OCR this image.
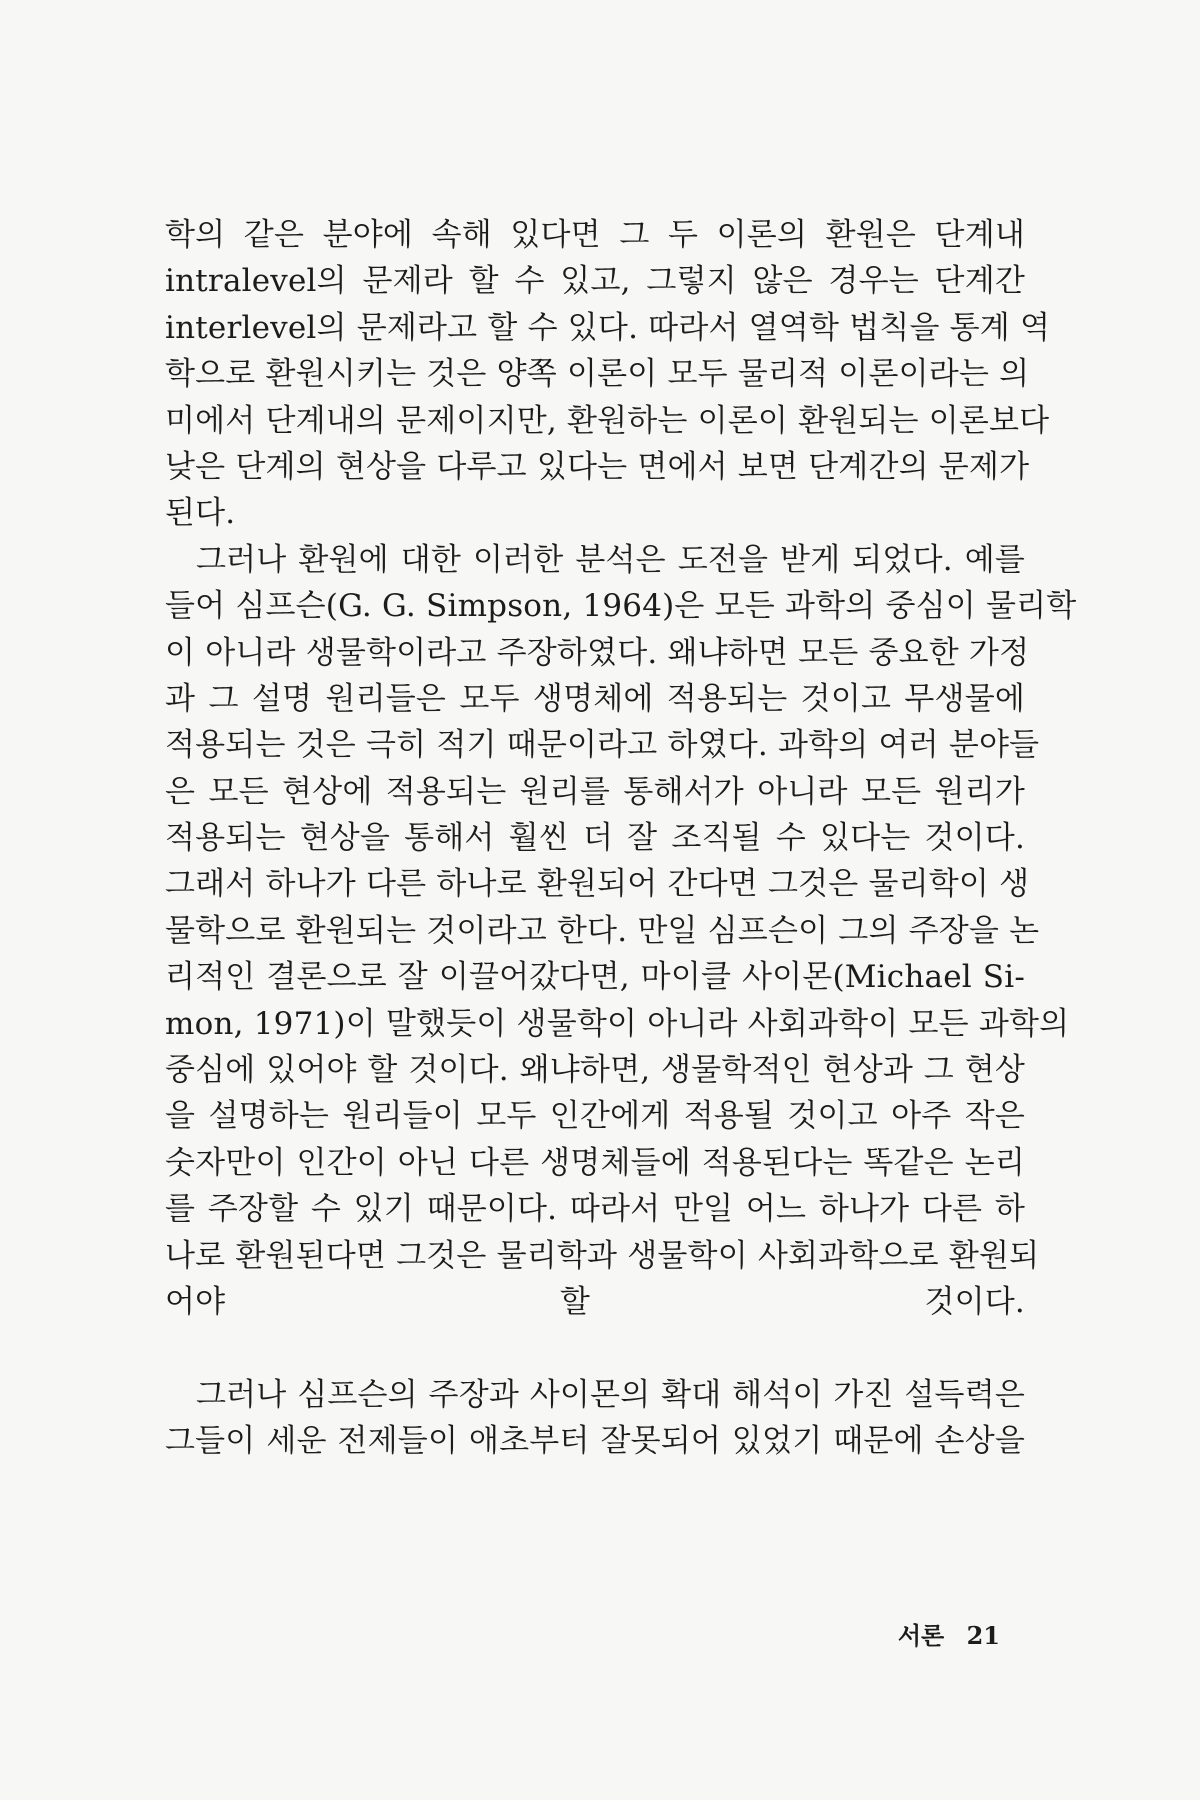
학의 같은 분야에 속해 있다면 그 두 이론의 환원은 단계내
intralevel의 문제라 할 수 있고, 그렇지 않은 경우는 단계간
interlevel의 문제라고 할 수 있다. 따라서 열역학 법칙을 통계 역
학으로 환원시키는 것은 양쪽 이론이 모두 물리적 이론이라는 의
미에서 단계내의 문제이지만, 환원하는 이론이 환원되는 이론보다
낮은 단계의 현상을 다루고 있다는 면에서 보면 단계간의 문제가
된다.
그러나 환원에 대한 이러한 분석은 도전을 받게 되었다. 예를
들어 심프슨(G. G. Simpson, 1964)은 모든 과학의 중심이 물리학
이 아니라 생물학이라고 주장하였다. 왜냐하면 모든 중요한 가정
과 그 설명 원리들은 모두 생명체에 적용되는 것이고 무생물에
적용되는 것은 극히 적기 때문이라고 하였다. 과학의 여러 분야들
은 모든 현상에 적용되는 원리를 통해서가 아니라 모든 원리가
적용되는 현상을 통해서 훨씬 더 잘 조직될 수 있다는 것이다.
그래서 하나가 다른 하나로 환원되어 간다면 그것은 물리학이 생
물학으로 환원되는 것이라고 한다. 만일 심프슨이 그의 주장을 논
리적인 결론으로 잘 이끌어갔다면, 마이클 사이몬(Michael Si-
mon, 1971)이 말했듯이 생물학이 아니라 사회과학이 모든 과학의
중심에 있어야 할 것이다. 왜냐하면, 생물학적인 현상과 그 현상
을 설명하는 원리들이 모두 인간에게 적용될 것이고 아주 작은
숫자만이 인간이 아닌 다른 생명체들에 적용된다는 똑같은 논리
를 주장할 수 있기 때문이다. 따라서 만일 어느 하나가 다른 하
나로 환원된다면 그것은 물리학과 생물학이 사회과학으로 환원되
어야 할 것이다.
그러나 심프슨의 주장과 사이몬의 확대 해석이 가진 설득력은
그들이 세운 전제들이 애초부터 잘못되어 있었기 때문에 손상을
서론 21
